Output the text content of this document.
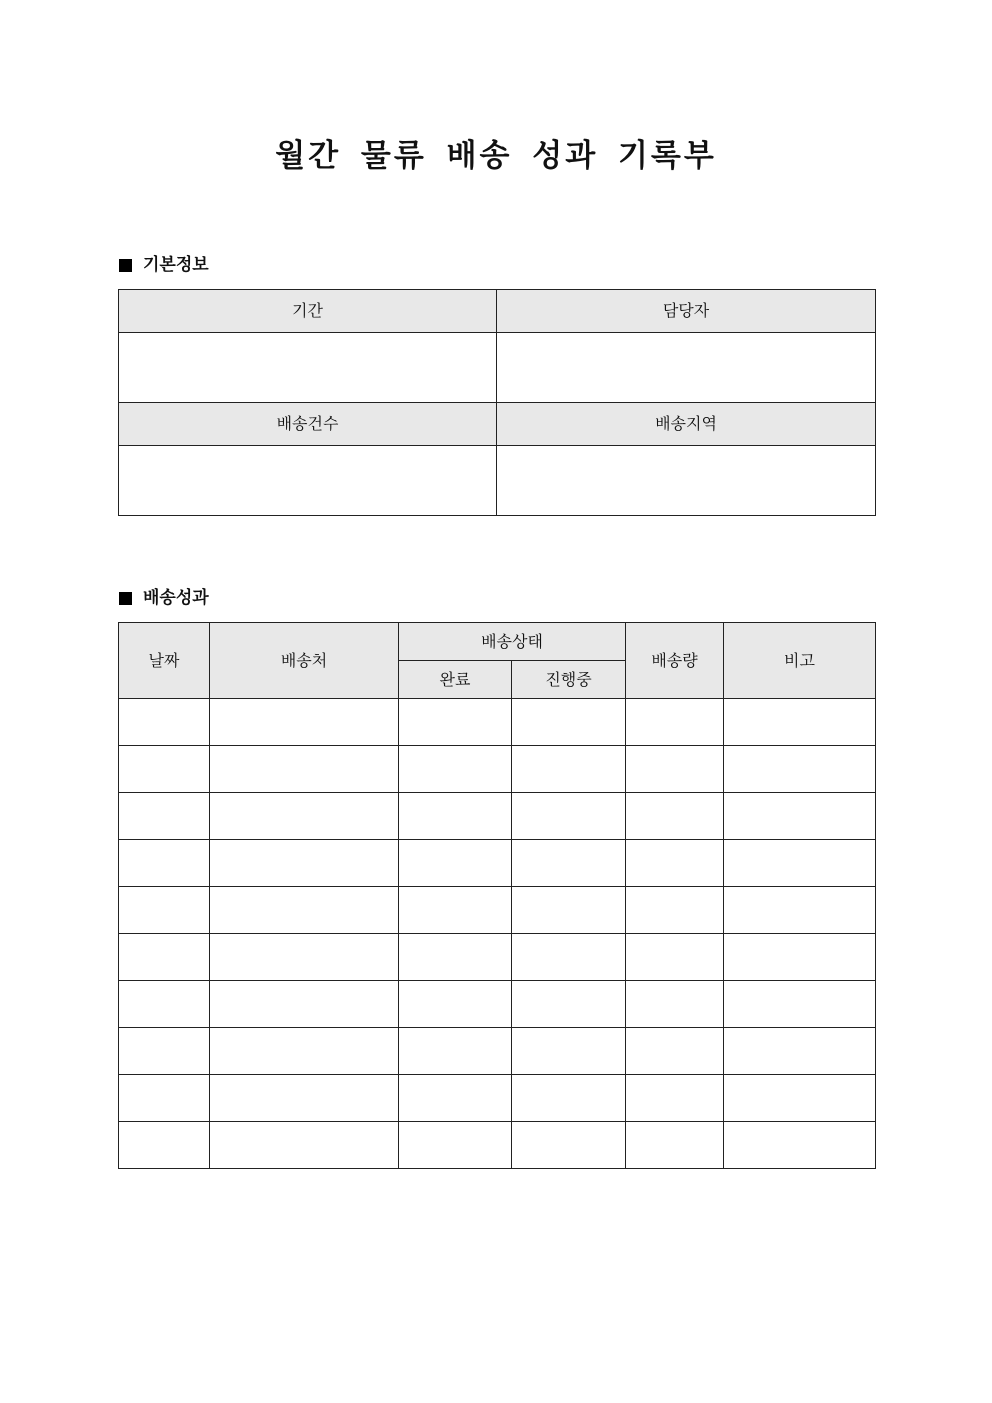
월간 물류 배송 성과 기록부
기본정보
기간	담당자

배송건수	배송지역

배송성과
날짜	배송처	배송상태		배송량	비고
		완료	진행중		
